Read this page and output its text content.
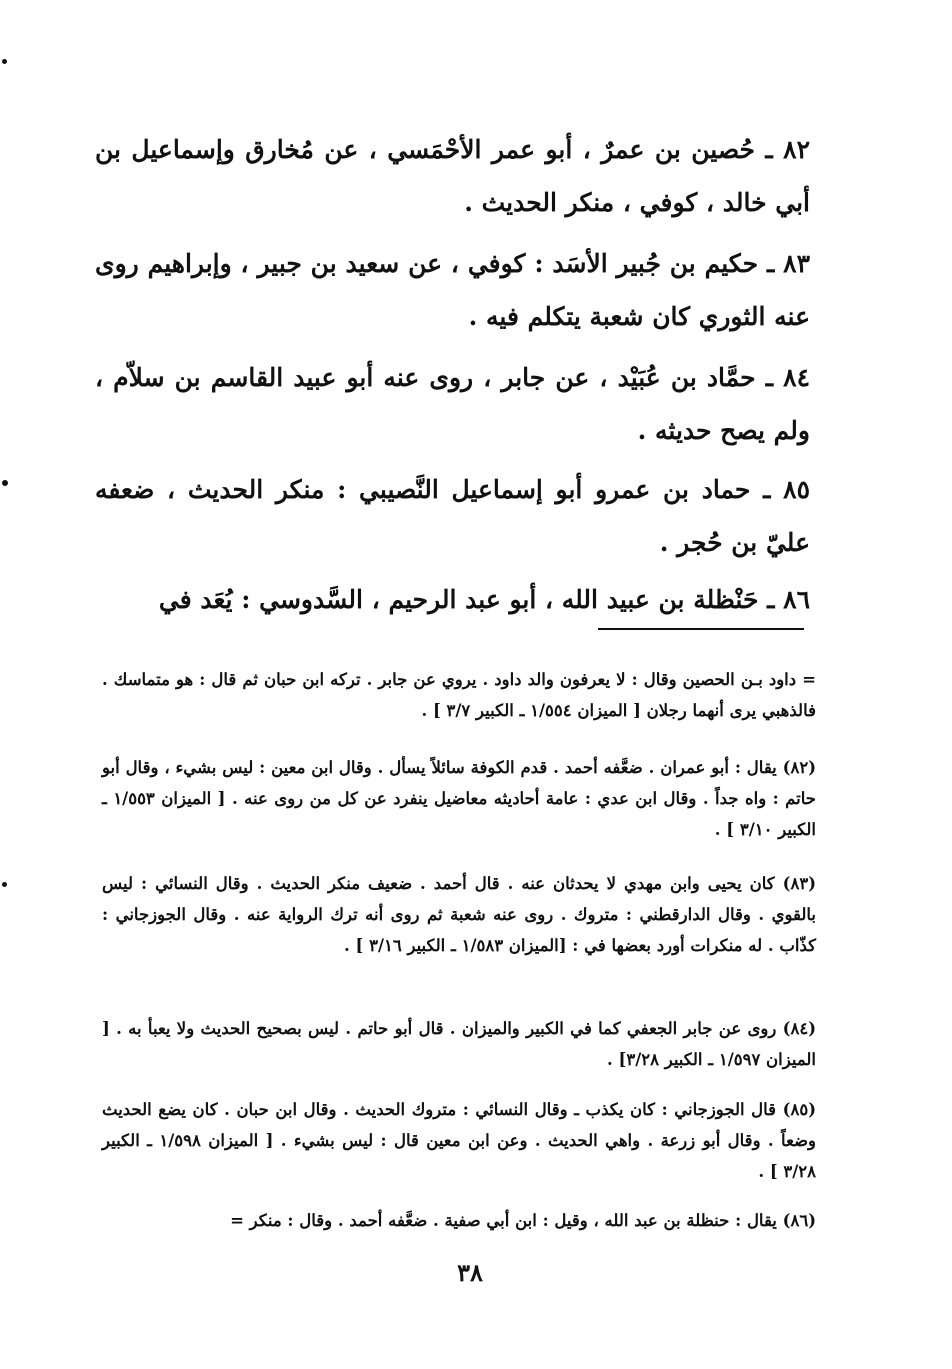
٨٢ ـ حُصين بن عمرٌ ، أبو عمر الأحْمَسي ، عن مُخارق وإسماعيل بن أبي خالد ، كوفي ، منكر الحديث .

٨٣ ـ حكيم بن جُبير الأسَد : كوفي ، عن سعيد بن جبير ، وإبراهيم روى عنه الثوري كان شعبة يتكلم فيه .

٨٤ ـ حمَّاد بن عُبَيْد ، عن جابر ، روى عنه أبو عبيد القاسم بن سلاّم ، ولم يصح حديثه .

٨٥ ـ حماد بن عمرو أبو إسماعيل النَّصيبي : منكر الحديث ، ضعفه عليّ بن حُجر .

٨٦ ـ حَنْظلة بن عبيد الله ، أبو عبد الرحيم ، السَّدوسي : يُعَد في

= داود بـن الحصين وقال : لا يعرفون والد داود . يروي عن جابر . تركه ابن حبان ثم قال : هو متماسك . فالذهبي يرى أنهما رجلان [ الميزان ١/٥٥٤ ـ الكبير ٣/٧ ] .

(٨٢) يقال : أبو عمران . ضعَّفه أحمد . قدم الكوفة سائلاً يسأل . وقال ابن معين : ليس بشيء ، وقال أبو حاتم : واه جداً . وقال ابن عدي : عامة أحاديثه معاضيل ينفرد عن كل من روى عنه . [ الميزان ١/٥٥٣ ـ الكبير ٣/١٠ ] .

(٨٣) كان يحيى وابن مهدي لا يحدثان عنه . قال أحمد . ضعيف منكر الحديث . وقال النسائي : ليس بالقوي . وقال الدارقطني : متروك . روى عنه شعبة ثم روى أنه ترك الرواية عنه . وقال الجوزجاني : كذّاب . له منكرات أورد بعضها في : [الميزان ١/٥٨٣ ـ الكبير ٣/١٦ ] .

(٨٤) روى عن جابر الجعفي كما في الكبير والميزان . قال أبو حاتم . ليس بصحيح الحديث ولا يعبأ به . [ الميزان ١/٥٩٧ ـ الكبير ٣/٢٨] .

(٨٥) قال الجوزجاني : كان يكذب ـ وقال النسائي : متروك الحديث . وقال ابن حبان . كان يضع الحديث وضعاً . وقال أبو زرعة . واهي الحديث . وعن ابن معين قال : ليس بشيء . [ الميزان ١/٥٩٨ ـ الكبير ٣/٢٨ ] .

(٨٦) يقال : حنظلة بن عبد الله ، وقيل : ابن أبي صفية . ضعَّفه أحمد . وقال : منكر =

٣٨
